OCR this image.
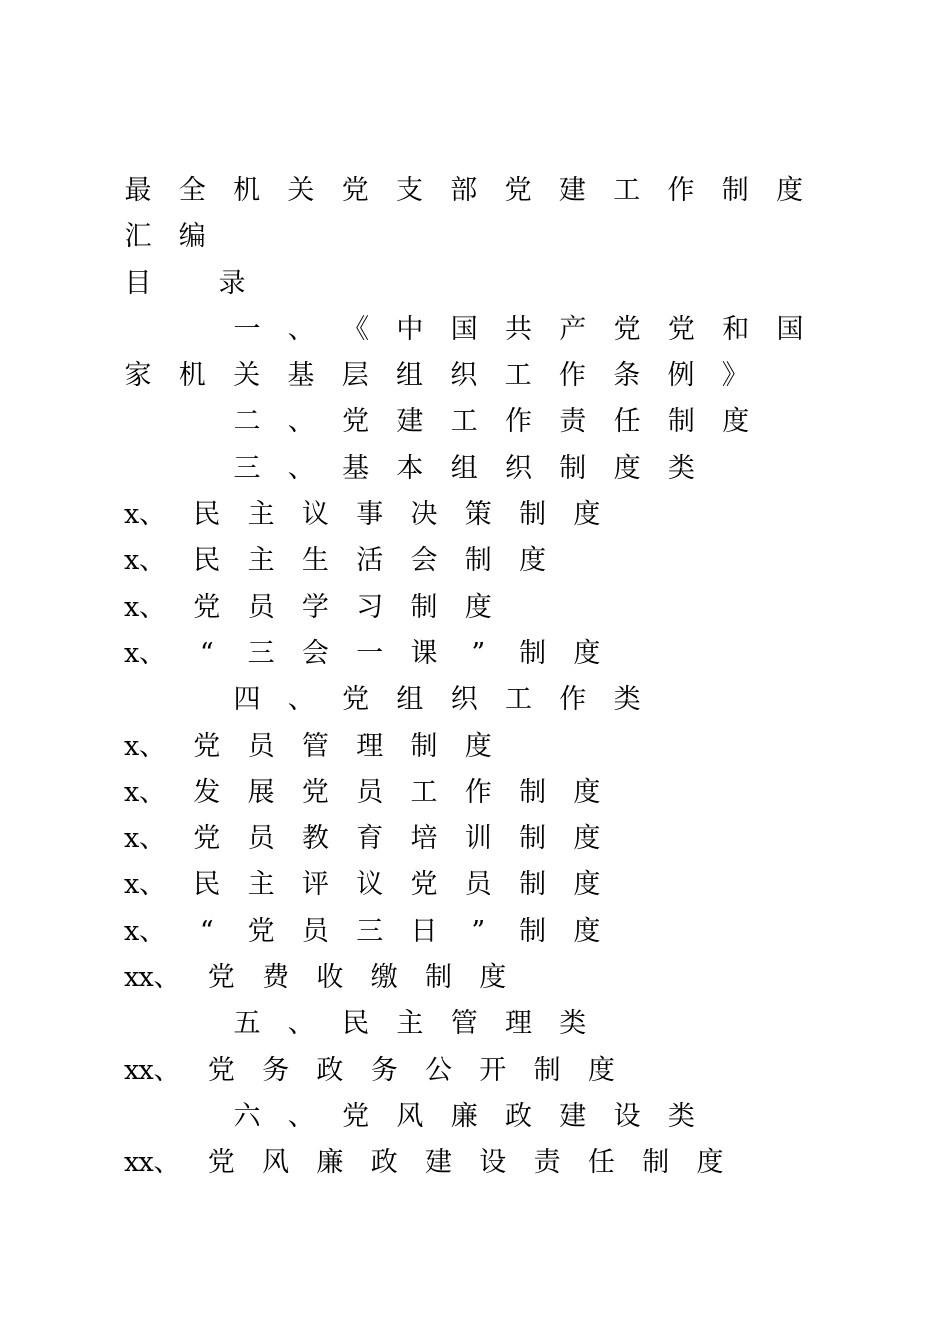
最 全 机 关 党 支 部 党 建 工 作 制 度
汇 编
目 录
一 、 《 中 国 共 产 党 党 和 国
家 机 关 基 层 组 织 工 作 条 例 》
二 、 党 建 工 作 责 任 制 度
三 、 基 本 组 织 制 度 类
x 、 民 主 议 事 决 策 制 度
x 、 民 主 生 活 会 制 度
x 、 党 员 学 习 制 度
x 、	“	三 会 一 课	”	制 度
四 、 党 组 织 工 作 类
x 、 党 员 管 理 制 度
x 、 发 展 党 员 工 作 制 度
x 、 党 员 教 育 培 训 制 度
x 、 民 主 评 议 党 员 制 度
x 、	“	党 员 三 日	”	制 度
x x 、 党 费 收 缴 制 度
五 、 民 主 管 理 类
x x 、 党 务 政 务 公 开 制 度
六 、 党 风 廉 政 建 设 类
x x 、 党 风 廉 政 建 设 责 任 制 度
